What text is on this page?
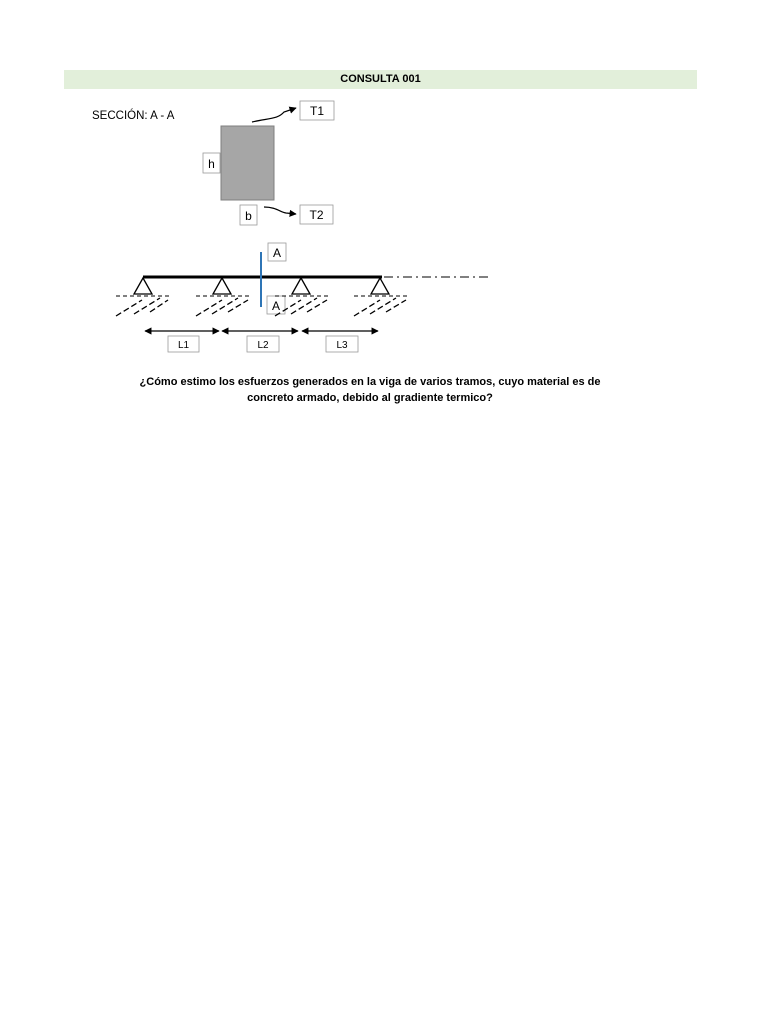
CONSULTA 001
SECCIÓN: A - A
h
b
T1
T2
A
A
L1	L2	L3
¿Cómo estimo los esfuerzos generados en la viga de varios tramos, cuyo material es de
concreto armado, debido al gradiente termico?
